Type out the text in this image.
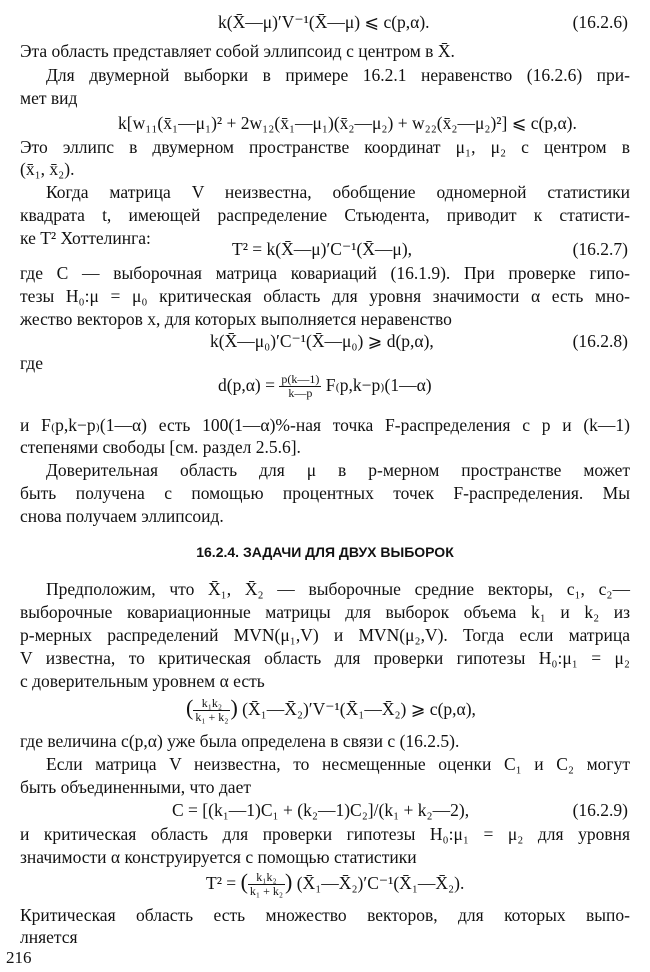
k(X̄—μ)′V⁻¹(X̄—μ) ⩽ c(p,α).	(16.2.6)
Эта область представляет собой эллипсоид с центром в X̄.
Для двумерной выборки в примере 16.2.1 неравенство (16.2.6) при-
мет вид
k[w₁₁(x̄₁—μ₁)² + 2w₁₂(x̄₁—μ₁)(x̄₂—μ₂) + w₂₂(x̄₂—μ₂)²] ⩽ c(p,α).
Это эллипс в двумерном пространстве координат μ₁, μ₂ с центром в
(x̄₁, x̄₂).
Когда матрица V неизвестна, обобщение одномерной статистики
квадрата t, имеющей распределение Стьюдента, приводит к статисти-
ке T² Хоттелинга:
T² = k(X̄—μ)′C⁻¹(X̄—μ),	(16.2.7)
где C — выборочная матрица ковариаций (16.1.9). При проверке гипо-
тезы H₀:μ = μ₀ критическая область для уровня значимости α есть мно-
жество векторов x, для которых выполняется неравенство
k(X̄—μ₀)′C⁻¹(X̄—μ₀) ⩾ d(p,α),	(16.2.8)
где
$d(p,\alpha) = \frac{p(k—1)}{k—p}$ F₍p,k−p₎(1—α)
и F₍p,k−p₎(1—α) есть 100(1—α)%-ная точка F-распределения с p и (k—1)
степенями свободы [см. раздел 2.5.6].
Доверительная область для μ в p-мерном пространстве может
быть получена с помощью процентных точек F-распределения. Мы
снова получаем эллипсоид.
16.2.4. ЗАДАЧИ ДЛЯ ДВУХ ВЫБОРОК
Предположим, что X̄₁, X̄₂ — выборочные средние векторы, c₁, c₂—
выборочные ковариационные матрицы для выборок объема k₁ и k₂ из
p-мерных распределений MVN(μ₁,V) и MVN(μ₂,V). Тогда если матрица
V известна, то критическая область для проверки гипотезы H₀:μ₁ = μ₂
с доверительным уровнем α есть
( $\frac{\text{k₁k₂}}{\text{k₁ + k₂}}$ ) (X̄₁—X̄₂)′V⁻¹(X̄₁—X̄₂) ⩾ c(p,α),
где величина c(p,α) уже была определена в связи с (16.2.5).
Если матрица V неизвестна, то несмещенные оценки C₁ и C₂ могут
быть объединенными, что дает
C = [(k₁—1)C₁ + (k₂—1)C₂]/(k₁ + k₂—2),	(16.2.9)
и критическая область для проверки гипотезы H₀:μ₁ = μ₂ для уровня
значимости α конструируется с помощью статистики
T² = ( $\frac{\text{k₁k₂}}{\text{k₁ + k₂}}$ ) (X̄₁—X̄₂)′C⁻¹(X̄₁—X̄₂).
Критическая область есть множество векторов, для которых выпо-
лняется
216
